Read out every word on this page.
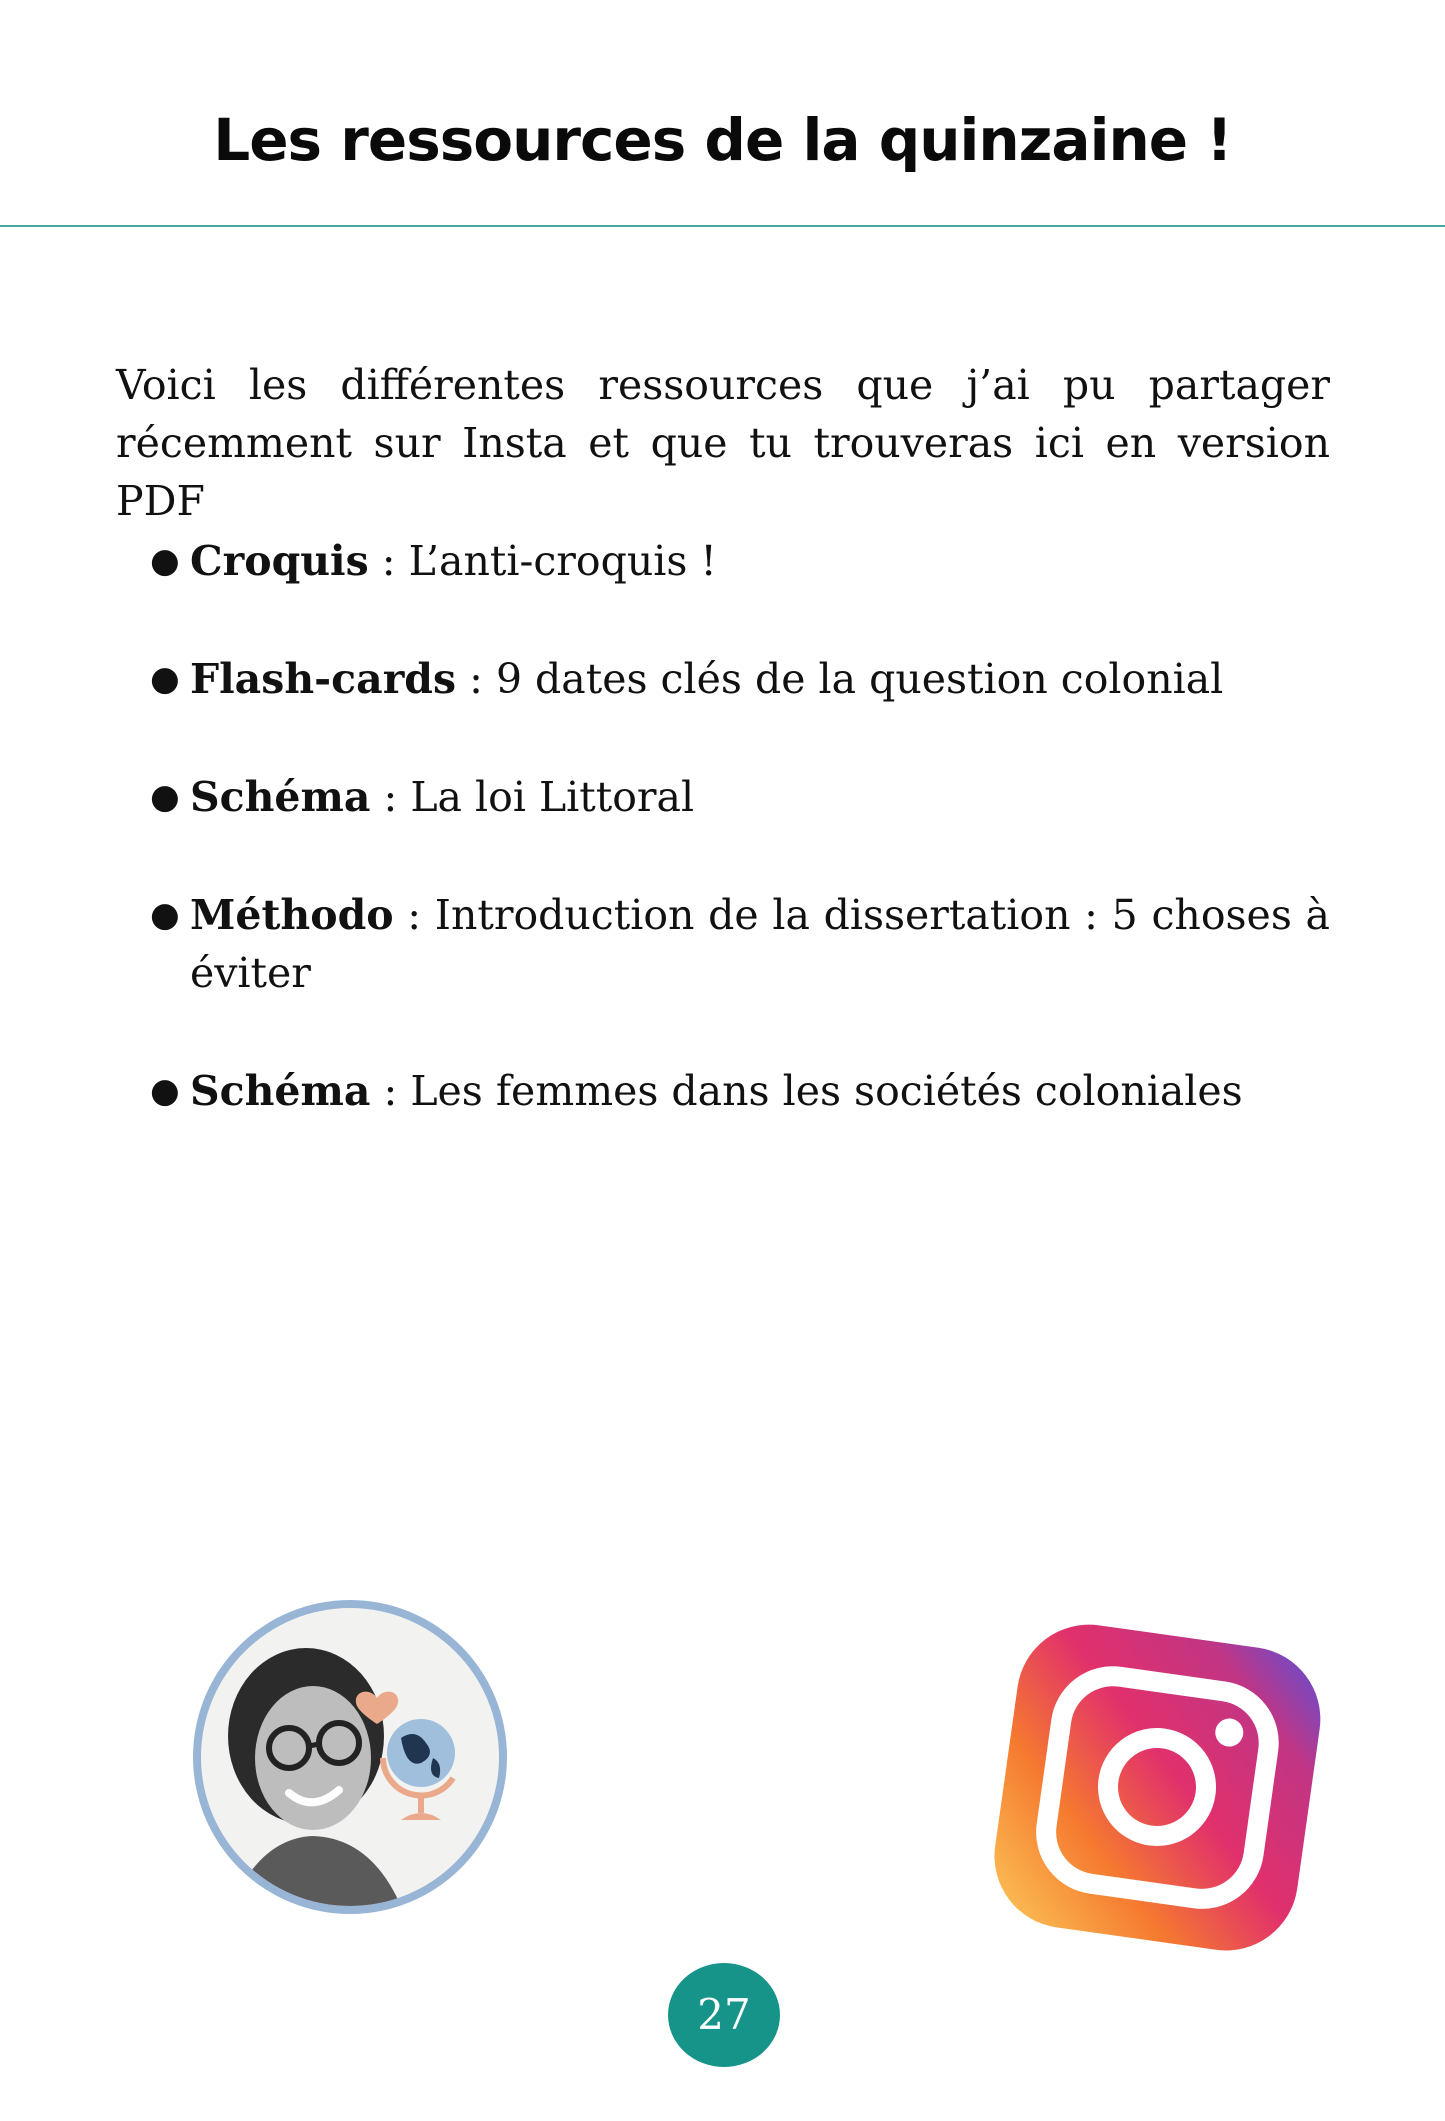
Les ressources de la quinzaine !

Voici les différentes ressources que j’ai pu partager récemment sur Insta et que tu trouveras ici en version PDF

● Croquis : L’anti-croquis !
● Flash-cards : 9 dates clés de la question colonial
● Schéma : La loi Littoral
● Méthodo : Introduction de la dissertation : 5 choses à éviter
● Schéma : Les femmes dans les sociétés coloniales
27
